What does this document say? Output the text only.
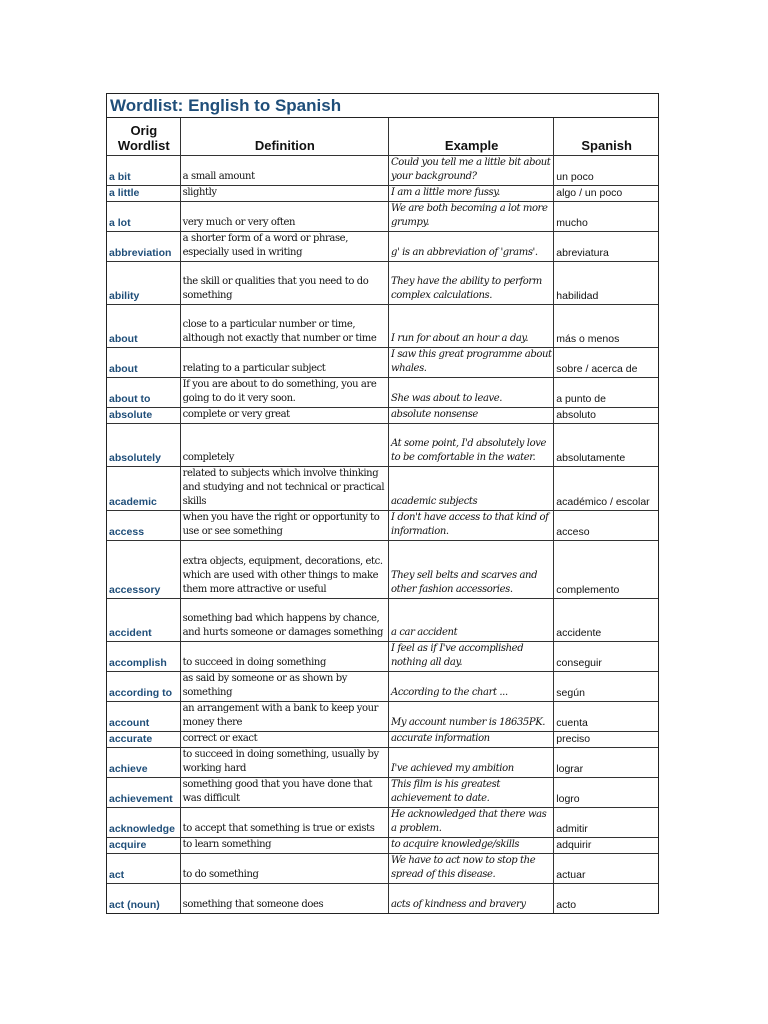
Wordlist: English to Spanish
Orig Wordlist	Definition	Example	Spanish
a bit	a small amount	Could you tell me a little bit about your background?	un poco
a little	slightly	I am a little more fussy.	algo / un poco
a lot	very much or very often	We are both becoming a lot more grumpy.	mucho
abbreviation	a shorter form of a word or phrase, especially used in writing	g' is an abbreviation of 'grams'.	abreviatura
ability	the skill or qualities that you need to do something	They have the ability to perform complex calculations.	habilidad
about	close to a particular number or time, although not exactly that number or time	I run for about an hour a day.	más o menos
about	relating to a particular subject	I saw this great programme about whales.	sobre / acerca de
about to	If you are about to do something, you are going to do it very soon.	She was about to leave.	a punto de
absolute	complete or very great	absolute nonsense	absoluto
absolutely	completely	At some point, I'd absolutely love to be comfortable in the water.	absolutamente
academic	related to subjects which involve thinking and studying and not technical or practical skills	academic subjects	académico / escolar
access	when you have the right or opportunity to use or see something	I don't have access to that kind of information.	acceso
accessory	extra objects, equipment, decorations, etc. which are used with other things to make them more attractive or useful	They sell belts and scarves and other fashion accessories.	complemento
accident	something bad which happens by chance, and hurts someone or damages something	a car accident	accidente
accomplish	to succeed in doing something	I feel as if I've accomplished nothing all day.	conseguir
according to	as said by someone or as shown by something	According to the chart ...	según
account	an arrangement with a bank to keep your money there	My account number is 18635PK.	cuenta
accurate	correct or exact	accurate information	preciso
achieve	to succeed in doing something, usually by working hard	I've achieved my ambition	lograr
achievement	something good that you have done that was difficult	This film is his greatest achievement to date.	logro
acknowledge	to accept that something is true or exists	He acknowledged that there was a problem.	admitir
acquire	to learn something	to acquire knowledge/skills	adquirir
act	to do something	We have to act now to stop the spread of this disease.	actuar
act (noun)	something that someone does	acts of kindness and bravery	acto
